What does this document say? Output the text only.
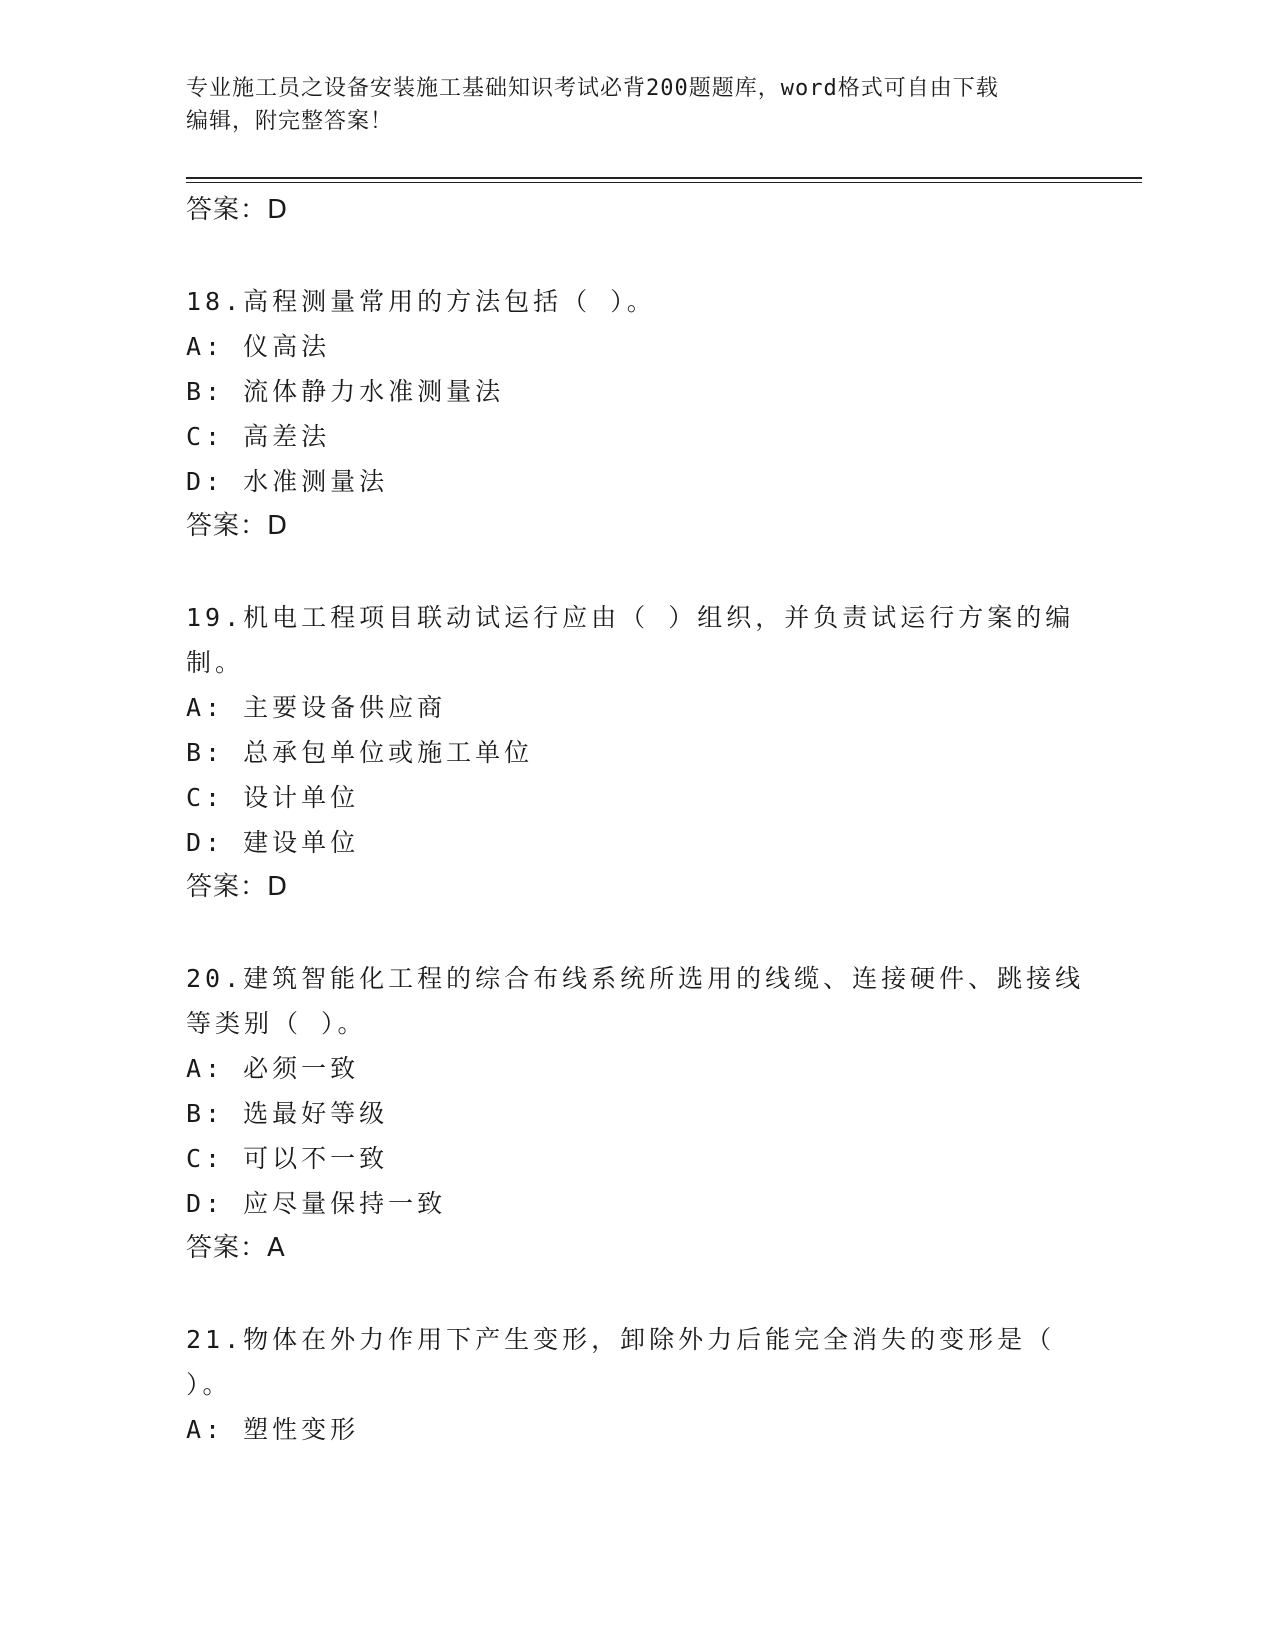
专业施工员之设备安装施工基础知识考试必背200题题库，word格式可自由下载
编辑，附完整答案！
答案：D
18.高程测量常用的方法包括（ ）。
A: 仪高法
B: 流体静力水准测量法
C: 高差法
D: 水准测量法
答案：D
19.机电工程项目联动试运行应由（ ）组织，并负责试运行方案的编
制。
A: 主要设备供应商
B: 总承包单位或施工单位
C: 设计单位
D: 建设单位
答案：D
20.建筑智能化工程的综合布线系统所选用的线缆、连接硬件、跳接线
等类别（ ）。
A: 必须一致
B: 选最好等级
C: 可以不一致
D: 应尽量保持一致
答案：A
21.物体在外力作用下产生变形，卸除外力后能完全消失的变形是（
）。
A: 塑性变形
